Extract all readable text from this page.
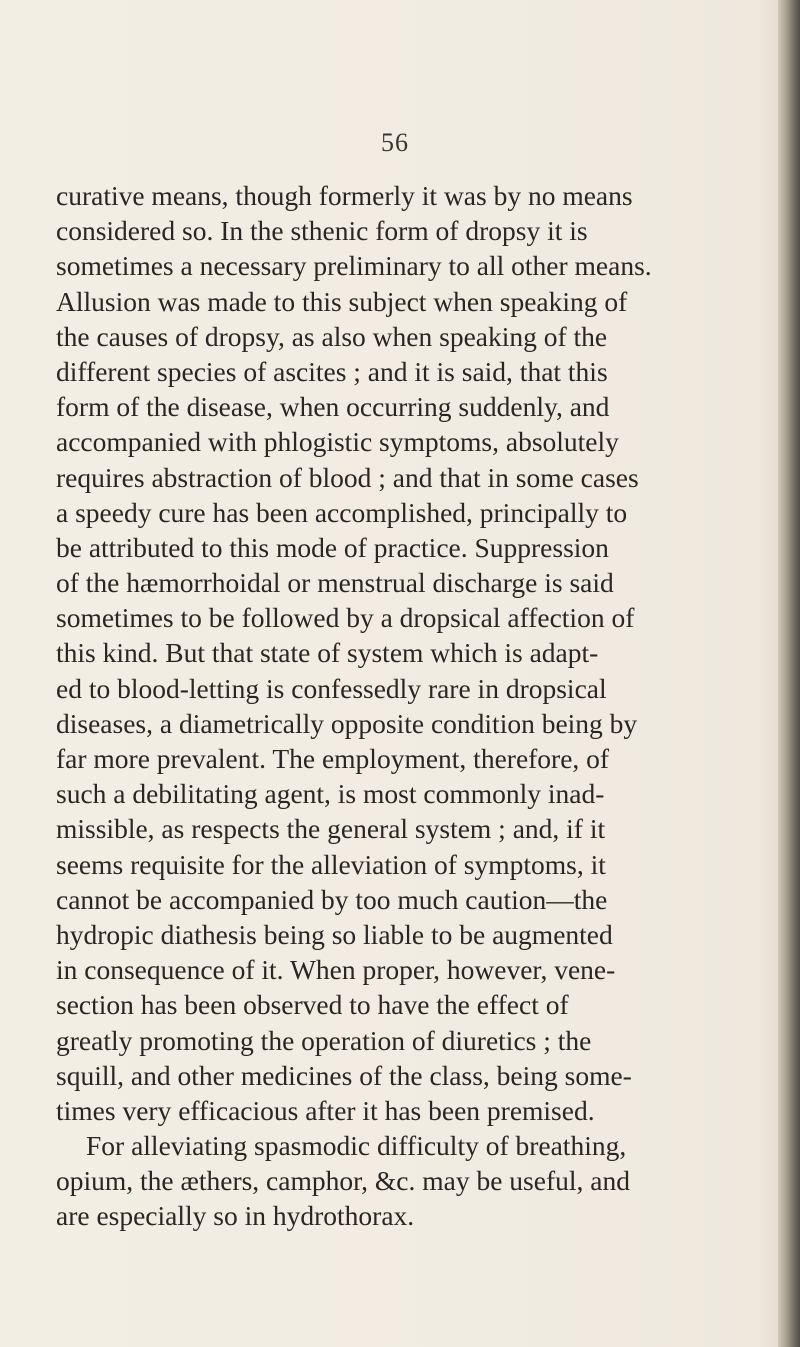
56
curative means, though formerly it was by no means
considered so. In the sthenic form of dropsy it is
sometimes a necessary preliminary to all other means.
Allusion was made to this subject when speaking of
the causes of dropsy, as also when speaking of the
different species of ascites ; and it is said, that this
form of the disease, when occurring suddenly, and
accompanied with phlogistic symptoms, absolutely
requires abstraction of blood ; and that in some cases
a speedy cure has been accomplished, principally to
be attributed to this mode of practice. Suppression
of the hæmorrhoidal or menstrual discharge is said
sometimes to be followed by a dropsical affection of
this kind. But that state of system which is adapt-
ed to blood-letting is confessedly rare in dropsical
diseases, a diametrically opposite condition being by
far more prevalent. The employment, therefore, of
such a debilitating agent, is most commonly inad-
missible, as respects the general system ; and, if it
seems requisite for the alleviation of symptoms, it
cannot be accompanied by too much caution—the
hydropic diathesis being so liable to be augmented
in consequence of it. When proper, however, vene-
section has been observed to have the effect of
greatly promoting the operation of diuretics ; the
squill, and other medicines of the class, being some-
times very efficacious after it has been premised.
For alleviating spasmodic difficulty of breathing,
opium, the æthers, camphor, &c. may be useful, and
are especially so in hydrothorax.
